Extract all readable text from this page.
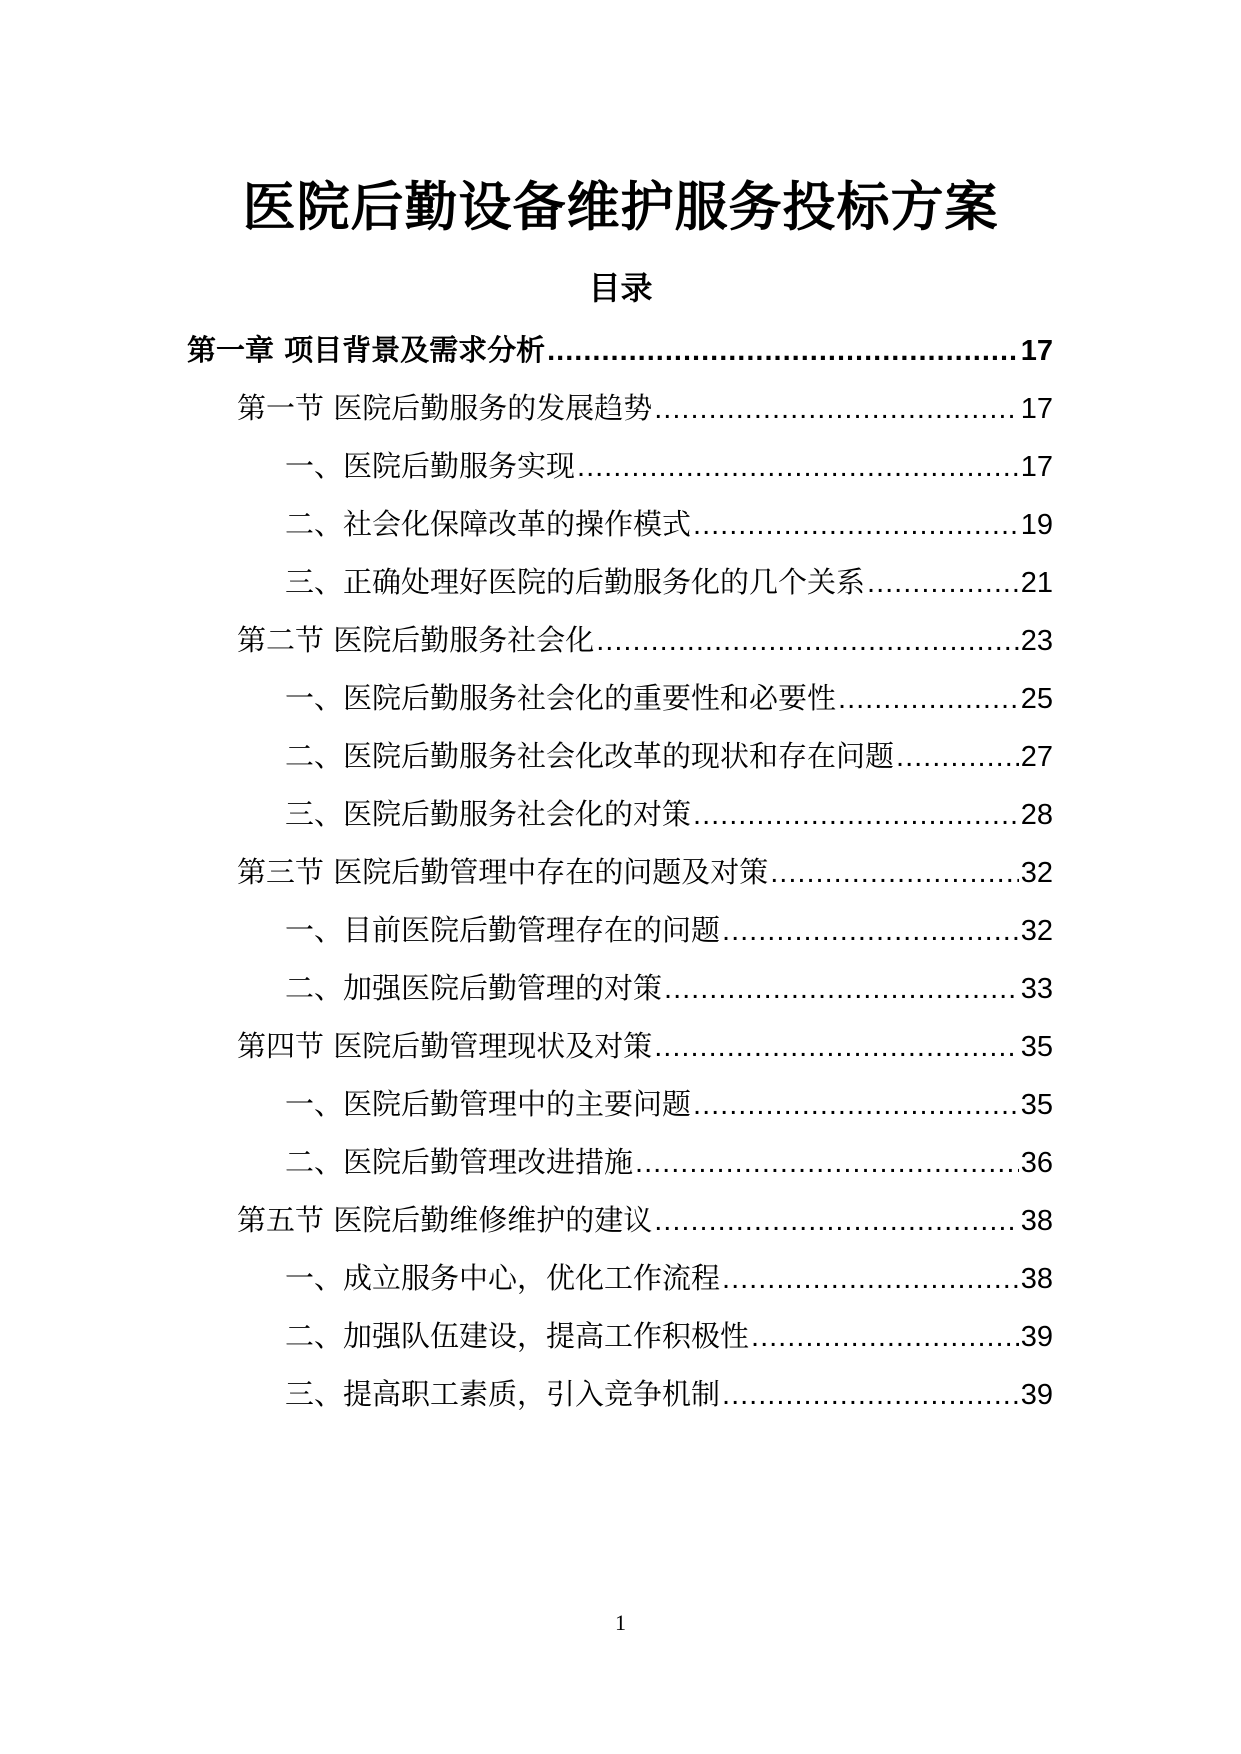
医院后勤设备维护服务投标方案
目录
第一章 项目背景及需求分析 .....	17
第一节 医院后勤服务的发展趋势 .....	17
一、医院后勤服务实现 .....	17
二、社会化保障改革的操作模式 .....	19
三、正确处理好医院的后勤服务化的几个关系 .....	21
第二节 医院后勤服务社会化 .....	23
一、医院后勤服务社会化的重要性和必要性 .....	25
二、医院后勤服务社会化改革的现状和存在问题 .....	27
三、医院后勤服务社会化的对策 .....	28
第三节 医院后勤管理中存在的问题及对策 .....	32
一、目前医院后勤管理存在的问题 .....	32
二、加强医院后勤管理的对策 .....	33
第四节 医院后勤管理现状及对策 .....	35
一、医院后勤管理中的主要问题 .....	35
二、医院后勤管理改进措施 .....	36
第五节 医院后勤维修维护的建议 .....	38
一、成立服务中心，优化工作流程 .....	38
二、加强队伍建设，提高工作积极性 .....	39
三、提高职工素质，引入竞争机制 .....	39
1
